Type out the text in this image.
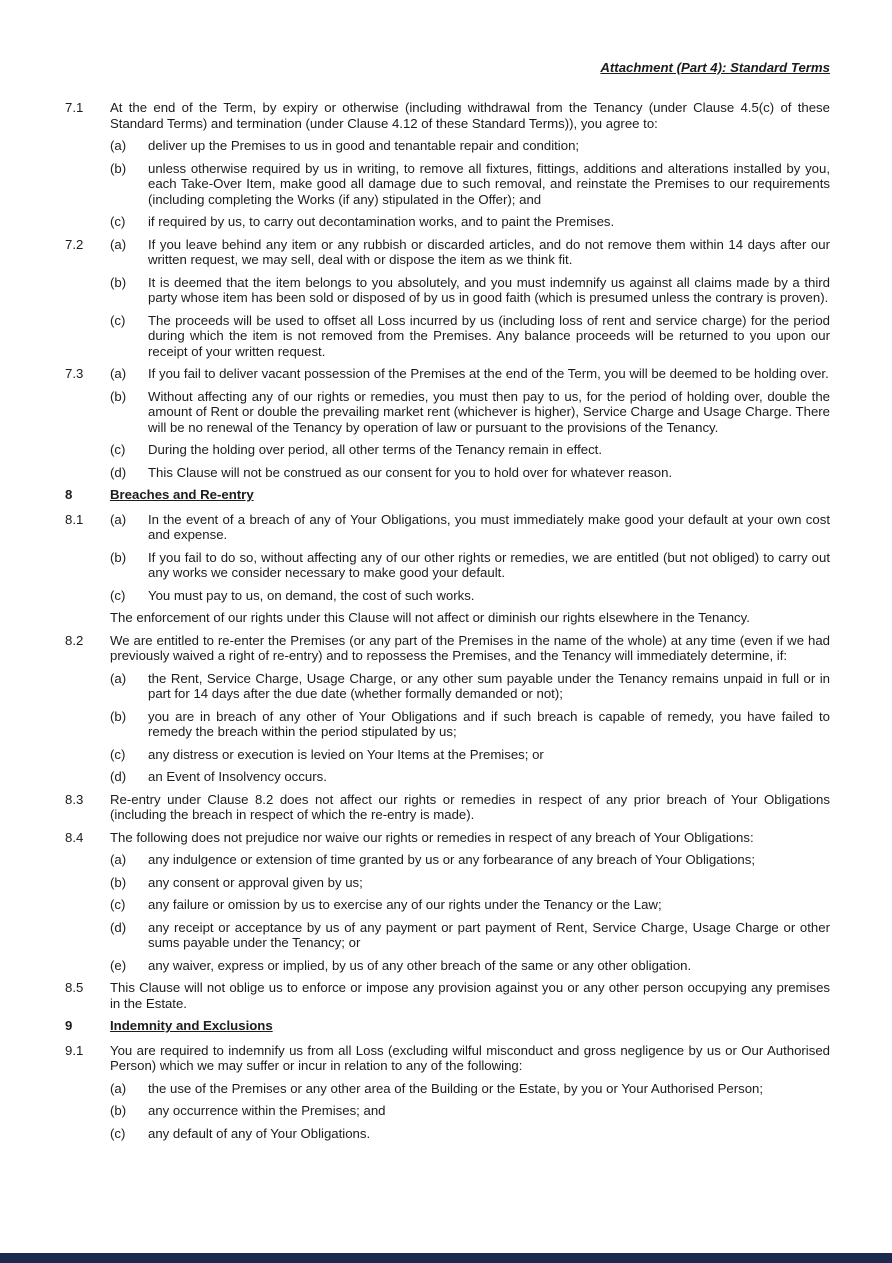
Attachment (Part 4): Standard Terms
7.1	At the end of the Term, by expiry or otherwise (including withdrawal from the Tenancy (under Clause 4.5(c) of these Standard Terms) and termination (under Clause 4.12 of these Standard Terms)), you agree to:
(a)	deliver up the Premises to us in good and tenantable repair and condition;
(b)	unless otherwise required by us in writing, to remove all fixtures, fittings, additions and alterations installed by you, each Take-Over Item, make good all damage due to such removal, and reinstate the Premises to our requirements (including completing the Works (if any) stipulated in the Offer); and
(c)	if required by us, to carry out decontamination works, and to paint the Premises.
7.2	(a)	If you leave behind any item or any rubbish or discarded articles, and do not remove them within 14 days after our written request, we may sell, deal with or dispose the item as we think fit.
(b)	It is deemed that the item belongs to you absolutely, and you must indemnify us against all claims made by a third party whose item has been sold or disposed of by us in good faith (which is presumed unless the contrary is proven).
(c)	The proceeds will be used to offset all Loss incurred by us (including loss of rent and service charge) for the period during which the item is not removed from the Premises. Any balance proceeds will be returned to you upon our receipt of your written request.
7.3	(a)	If you fail to deliver vacant possession of the Premises at the end of the Term, you will be deemed to be holding over.
(b)	Without affecting any of our rights or remedies, you must then pay to us, for the period of holding over, double the amount of Rent or double the prevailing market rent (whichever is higher), Service Charge and Usage Charge. There will be no renewal of the Tenancy by operation of law or pursuant to the provisions of the Tenancy.
(c)	During the holding over period, all other terms of the Tenancy remain in effect.
(d)	This Clause will not be construed as our consent for you to hold over for whatever reason.
8	Breaches and Re-entry
8.1	(a)	In the event of a breach of any of Your Obligations, you must immediately make good your default at your own cost and expense.
(b)	If you fail to do so, without affecting any of our other rights or remedies, we are entitled (but not obliged) to carry out any works we consider necessary to make good your default.
(c)	You must pay to us, on demand, the cost of such works.
The enforcement of our rights under this Clause will not affect or diminish our rights elsewhere in the Tenancy.
8.2	We are entitled to re-enter the Premises (or any part of the Premises in the name of the whole) at any time (even if we had previously waived a right of re-entry) and to repossess the Premises, and the Tenancy will immediately determine, if:
(a)	the Rent, Service Charge, Usage Charge, or any other sum payable under the Tenancy remains unpaid in full or in part for 14 days after the due date (whether formally demanded or not);
(b)	you are in breach of any other of Your Obligations and if such breach is capable of remedy, you have failed to remedy the breach within the period stipulated by us;
(c)	any distress or execution is levied on Your Items at the Premises; or
(d)	an Event of Insolvency occurs.
8.3	Re-entry under Clause 8.2 does not affect our rights or remedies in respect of any prior breach of Your Obligations (including the breach in respect of which the re-entry is made).
8.4	The following does not prejudice nor waive our rights or remedies in respect of any breach of Your Obligations:
(a)	any indulgence or extension of time granted by us or any forbearance of any breach of Your Obligations;
(b)	any consent or approval given by us;
(c)	any failure or omission by us to exercise any of our rights under the Tenancy or the Law;
(d)	any receipt or acceptance by us of any payment or part payment of Rent, Service Charge, Usage Charge or other sums payable under the Tenancy; or
(e)	any waiver, express or implied, by us of any other breach of the same or any other obligation.
8.5	This Clause will not oblige us to enforce or impose any provision against you or any other person occupying any premises in the Estate.
9	Indemnity and Exclusions
9.1	You are required to indemnify us from all Loss (excluding wilful misconduct and gross negligence by us or Our Authorised Person) which we may suffer or incur in relation to any of the following:
(a)	the use of the Premises or any other area of the Building or the Estate, by you or Your Authorised Person;
(b)	any occurrence within the Premises; and
(c)	any default of any of Your Obligations.
